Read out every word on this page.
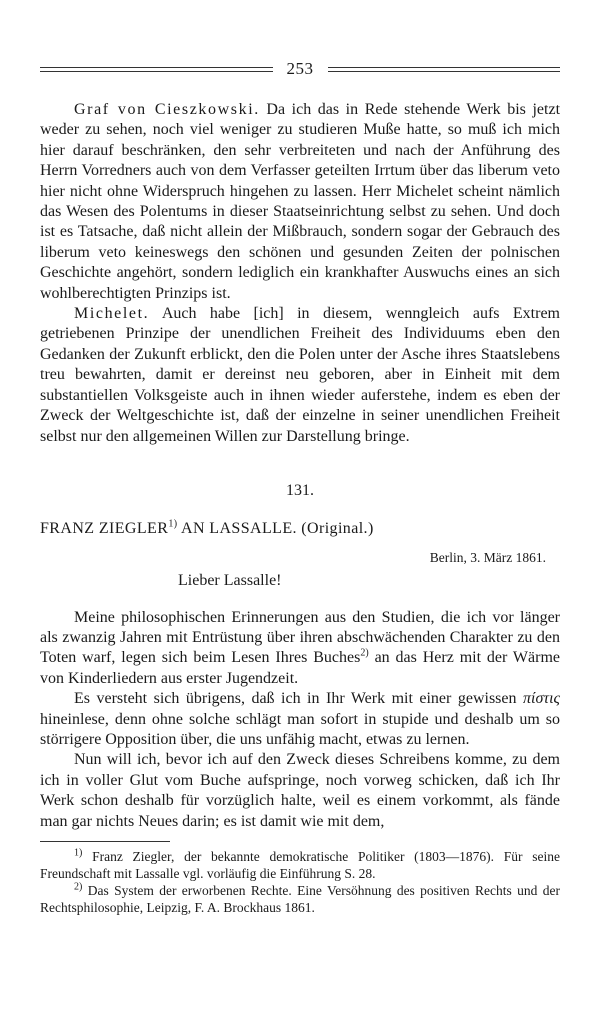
253

Graf von Cieszkowski. Da ich das in Rede stehende Werk bis jetzt weder zu sehen, noch viel weniger zu studieren Muße hatte, so muß ich mich hier darauf beschränken, den sehr verbreiteten und nach der Anführung des Herrn Vorredners auch von dem Verfasser geteilten Irrtum über das liberum veto hier nicht ohne Widerspruch hingehen zu lassen. Herr Michelet scheint nämlich das Wesen des Polentums in dieser Staatseinrichtung selbst zu sehen. Und doch ist es Tatsache, daß nicht allein der Mißbrauch, sondern sogar der Gebrauch des liberum veto keineswegs den schönen und gesunden Zeiten der polnischen Geschichte angehört, sondern lediglich ein krankhafter Auswuchs eines an sich wohlberechtigten Prinzips ist.

Michelet. Auch habe [ich] in diesem, wenngleich aufs Extrem getriebenen Prinzipe der unendlichen Freiheit des Individuums eben den Gedanken der Zukunft erblickt, den die Polen unter der Asche ihres Staatslebens treu bewahrten, damit er dereinst neu geboren, aber in Einheit mit dem substantiellen Volksgeiste auch in ihnen wieder auferstehe, indem es eben der Zweck der Weltgeschichte ist, daß der einzelne in seiner unendlichen Freiheit selbst nur den allgemeinen Willen zur Darstellung bringe.

131.
FRANZ ZIEGLER$^{1)}$ AN LASSALLE. (Original.)
Berlin, 3. März 1861.
Lieber Lassalle!

Meine philosophischen Erinnerungen aus den Studien, die ich vor länger als zwanzig Jahren mit Entrüstung über ihren abschwächenden Charakter zu den Toten warf, legen sich beim Lesen Ihres Buches$^{2)}$ an das Herz mit der Wärme von Kinderliedern aus erster Jugendzeit.

Es versteht sich übrigens, daß ich in Ihr Werk mit einer gewissen πίστις hineinlese, denn ohne solche schlägt man sofort in stupide und deshalb um so störrigere Opposition über, die uns unfähig macht, etwas zu lernen.

Nun will ich, bevor ich auf den Zweck dieses Schreibens komme, zu dem ich in voller Glut vom Buche aufspringe, noch vorweg schicken, daß ich Ihr Werk schon deshalb für vorzüglich halte, weil es einem vorkommt, als fände man gar nichts Neues darin; es ist damit wie mit dem,

$^{1)}$ Franz Ziegler, der bekannte demokratische Politiker (1803—1876). Für seine Freundschaft mit Lassalle vgl. vorläufig die Einführung S. 28.

$^{2)}$ Das System der erworbenen Rechte. Eine Versöhnung des positiven Rechts und der Rechtsphilosophie, Leipzig, F. A. Brockhaus 1861.
